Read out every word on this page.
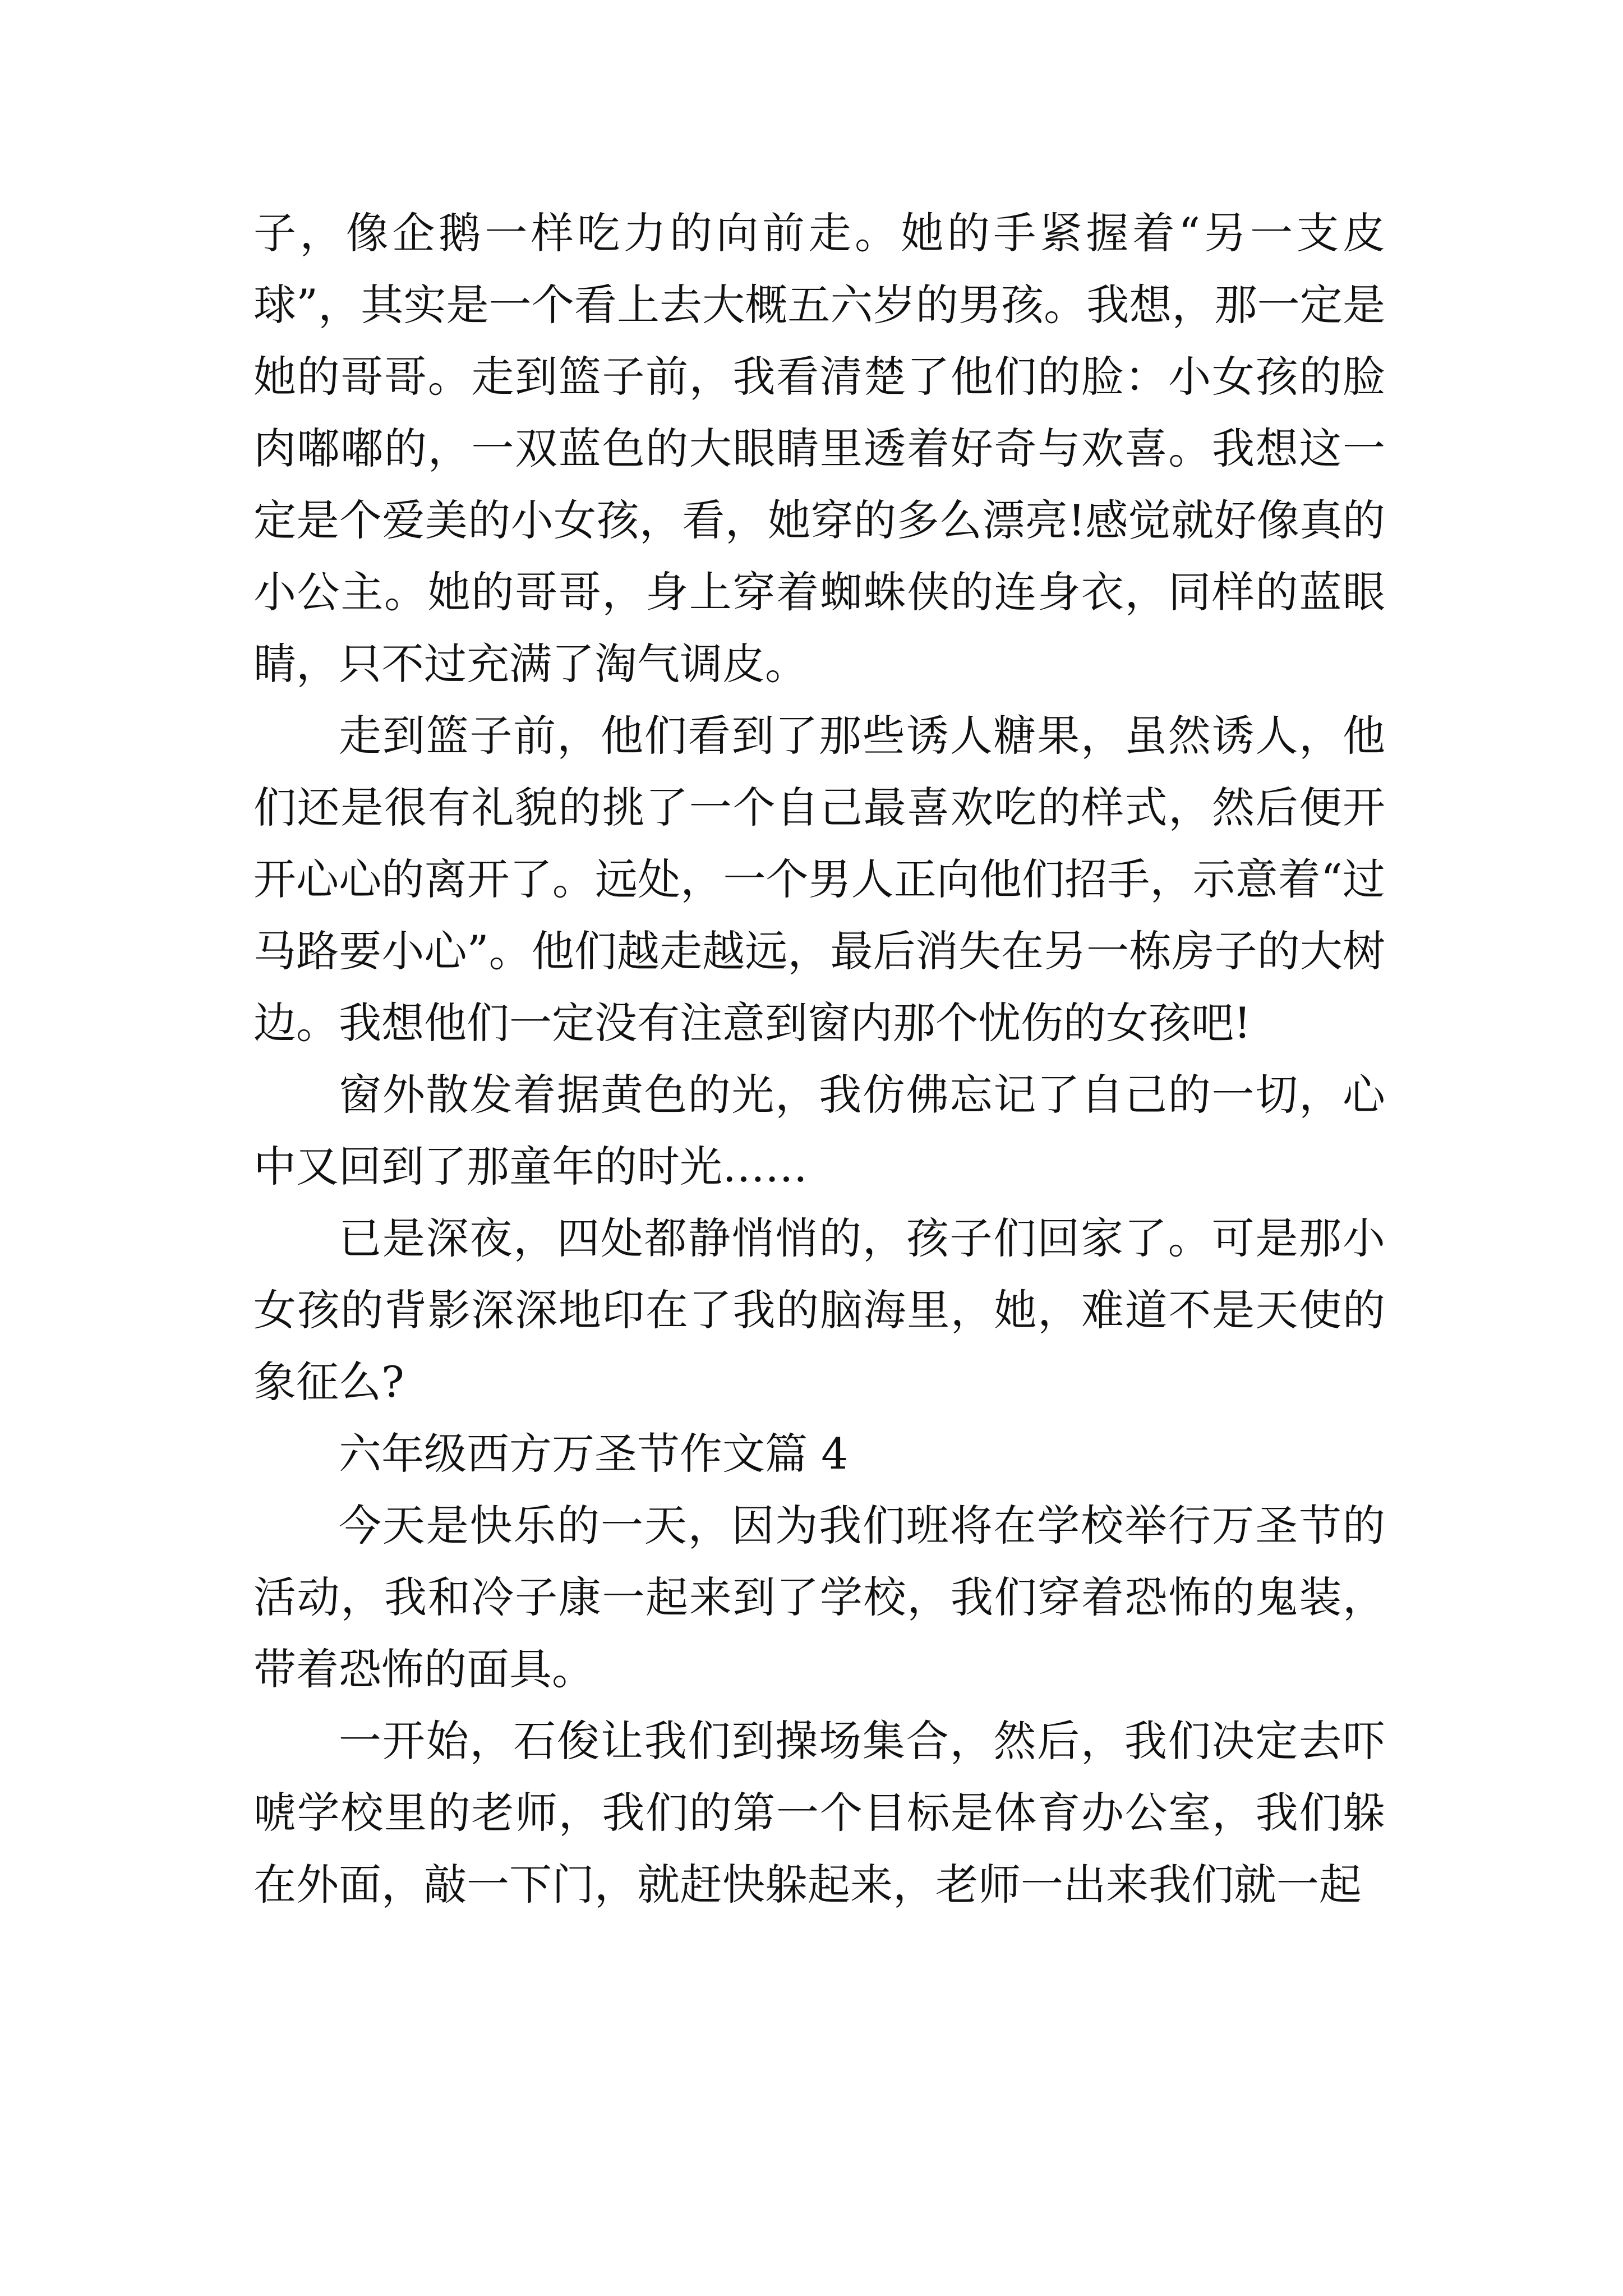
子，像企鹅一样吃力的向前走。她的手紧握着“另一支皮球”，其实是一个看上去大概五六岁的男孩。我想，那一定是她的哥哥。走到篮子前，我看清楚了他们的脸：小女孩的脸肉嘟嘟的，一双蓝色的大眼睛里透着好奇与欢喜。我想这一定是个爱美的小女孩，看，她穿的多么漂亮!感觉就好像真的小公主。她的哥哥，身上穿着蜘蛛侠的连身衣，同样的蓝眼睛，只不过充满了淘气调皮。

走到篮子前，他们看到了那些诱人糖果，虽然诱人，他们还是很有礼貌的挑了一个自己最喜欢吃的样式，然后便开开心心的离开了。远处，一个男人正向他们招手，示意着“过马路要小心”。他们越走越远，最后消失在另一栋房子的大树边。我想他们一定没有注意到窗内那个忧伤的女孩吧!

窗外散发着据黄色的光，我仿佛忘记了自己的一切，心中又回到了那童年的时光……

已是深夜，四处都静悄悄的，孩子们回家了。可是那小女孩的背影深深地印在了我的脑海里，她，难道不是天使的象征么?

六年级西方万圣节作文篇 4

今天是快乐的一天，因为我们班将在学校举行万圣节的活动，我和冷子康一起来到了学校，我们穿着恐怖的鬼装，带着恐怖的面具。

一开始，石俊让我们到操场集合，然后，我们决定去吓唬学校里的老师，我们的第一个目标是体育办公室，我们躲在外面，敲一下门，就赶快躲起来，老师一出来我们就一起
